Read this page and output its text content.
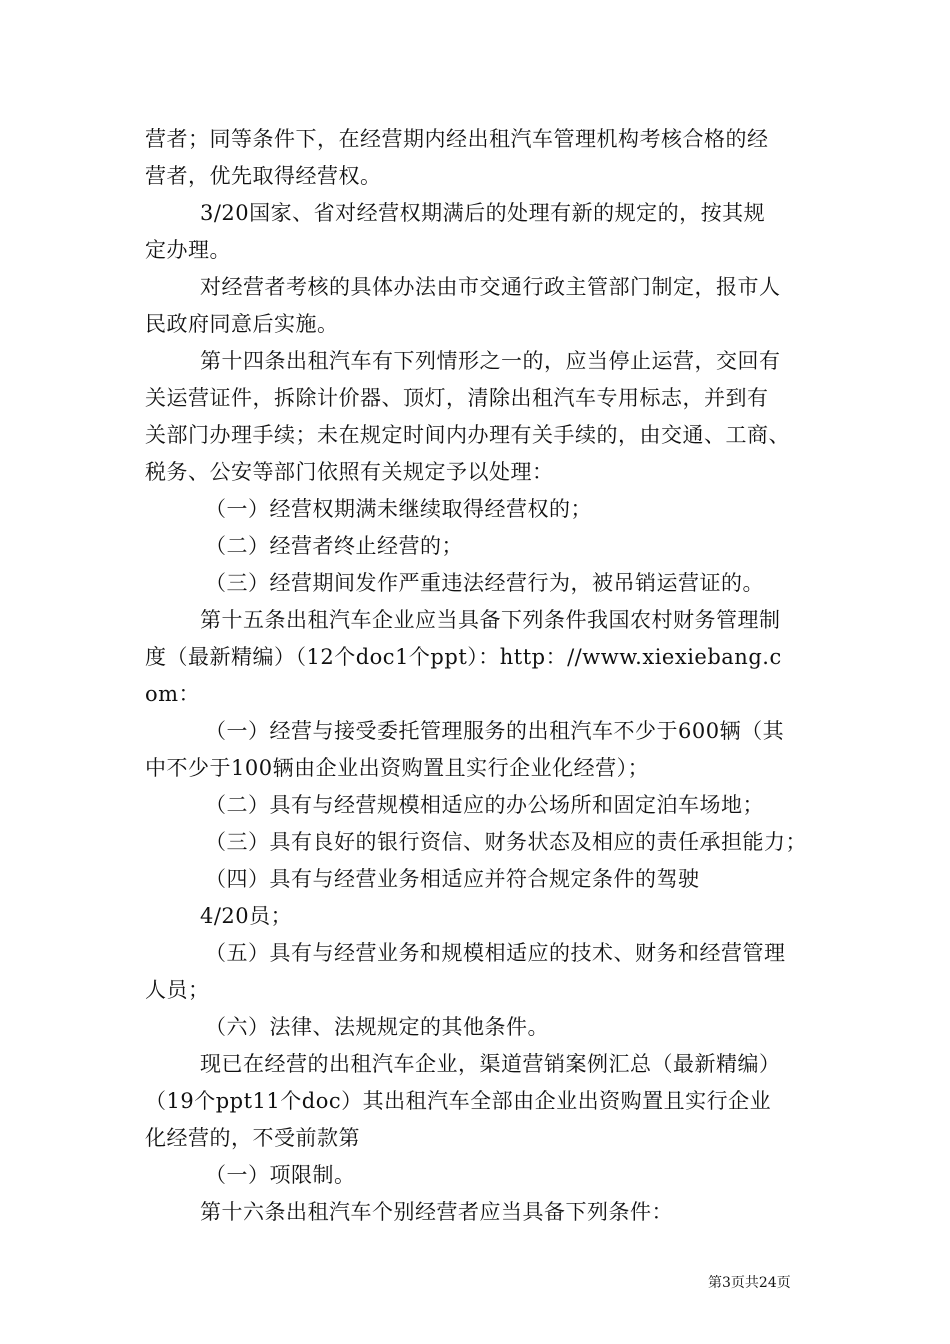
营者；同等条件下，在经营期内经出租汽车管理机构考核合格的经
营者，优先取得经营权。
3/20国家、省对经营权期满后的处理有新的规定的，按其规
定办理。
对经营者考核的具体办法由市交通行政主管部门制定，报市人
民政府同意后实施。
第十四条出租汽车有下列情形之一的，应当停止运营，交回有
关运营证件，拆除计价器、顶灯，清除出租汽车专用标志，并到有
关部门办理手续；未在规定时间内办理有关手续的，由交通、工商、
税务、公安等部门依照有关规定予以处理：
（一）经营权期满未继续取得经营权的；
（二）经营者终止经营的；
（三）经营期间发作严重违法经营行为，被吊销运营证的。
第十五条出租汽车企业应当具备下列条件我国农村财务管理制
度（最新精编）（12个doc1个ppt）：http：//www.xiexiebang.c
om：
（一）经营与接受委托管理服务的出租汽车不少于600辆（其
中不少于100辆由企业出资购置且实行企业化经营）；
（二）具有与经营规模相适应的办公场所和固定泊车场地；
（三）具有良好的银行资信、财务状态及相应的责任承担能力；
（四）具有与经营业务相适应并符合规定条件的驾驶
4/20员；
（五）具有与经营业务和规模相适应的技术、财务和经营管理
人员；
（六）法律、法规规定的其他条件。
现已在经营的出租汽车企业，渠道营销案例汇总（最新精编）
（19个ppt11个doc）其出租汽车全部由企业出资购置且实行企业
化经营的，不受前款第
（一）项限制。
第十六条出租汽车个别经营者应当具备下列条件：
第3页共24页
